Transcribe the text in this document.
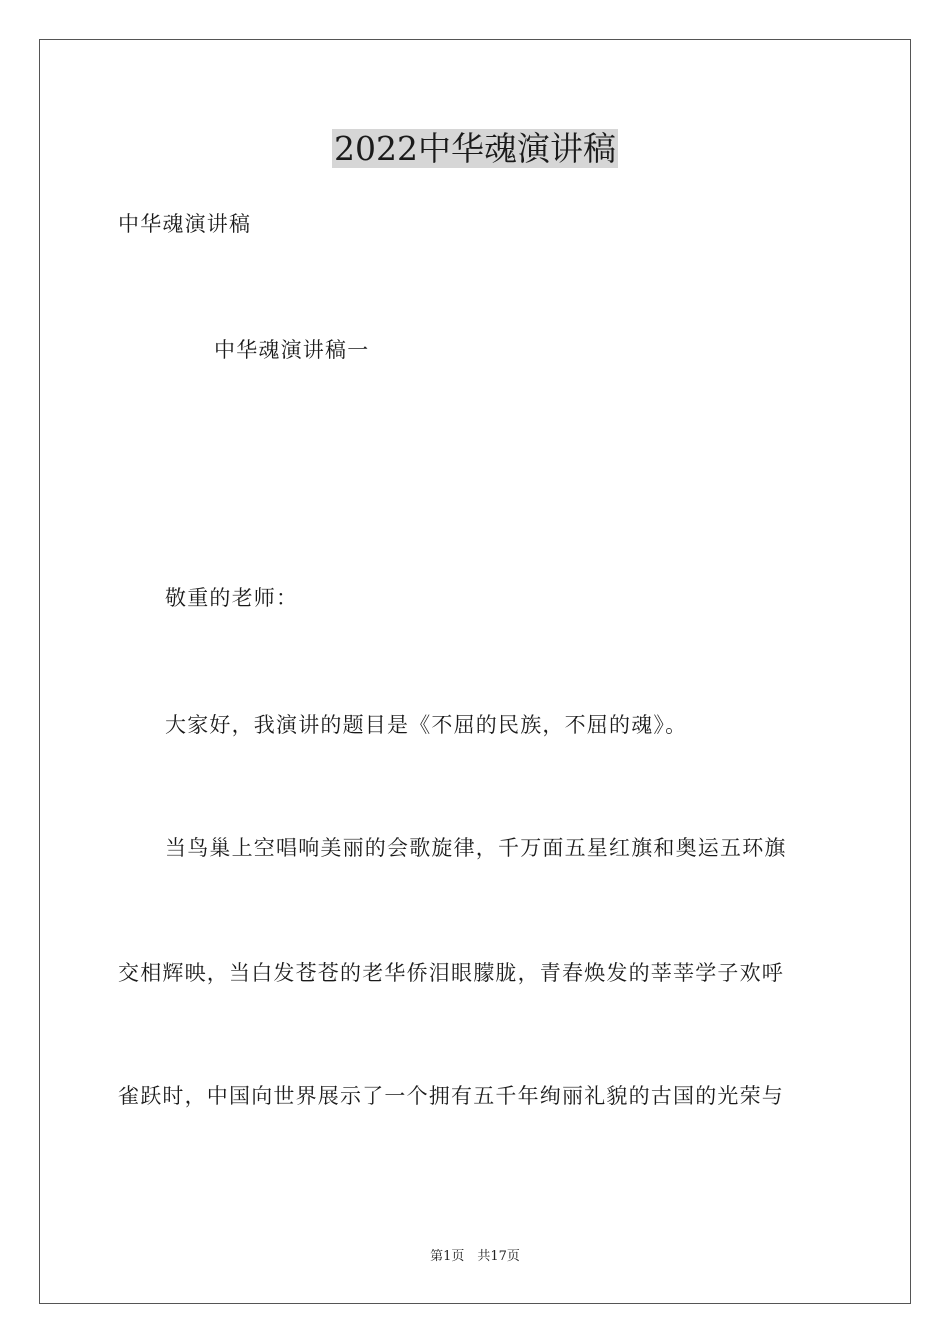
2022中华魂演讲稿
中华魂演讲稿
中华魂演讲稿一
敬重的老师：
大家好，我演讲的题目是《不屈的民族，不屈的魂》。
当鸟巢上空唱响美丽的会歌旋律，千万面五星红旗和奥运五环旗
交相辉映，当白发苍苍的老华侨泪眼朦胧，青春焕发的莘莘学子欢呼
雀跃时，中国向世界展示了一个拥有五千年绚丽礼貌的古国的光荣与
第1页　共17页
